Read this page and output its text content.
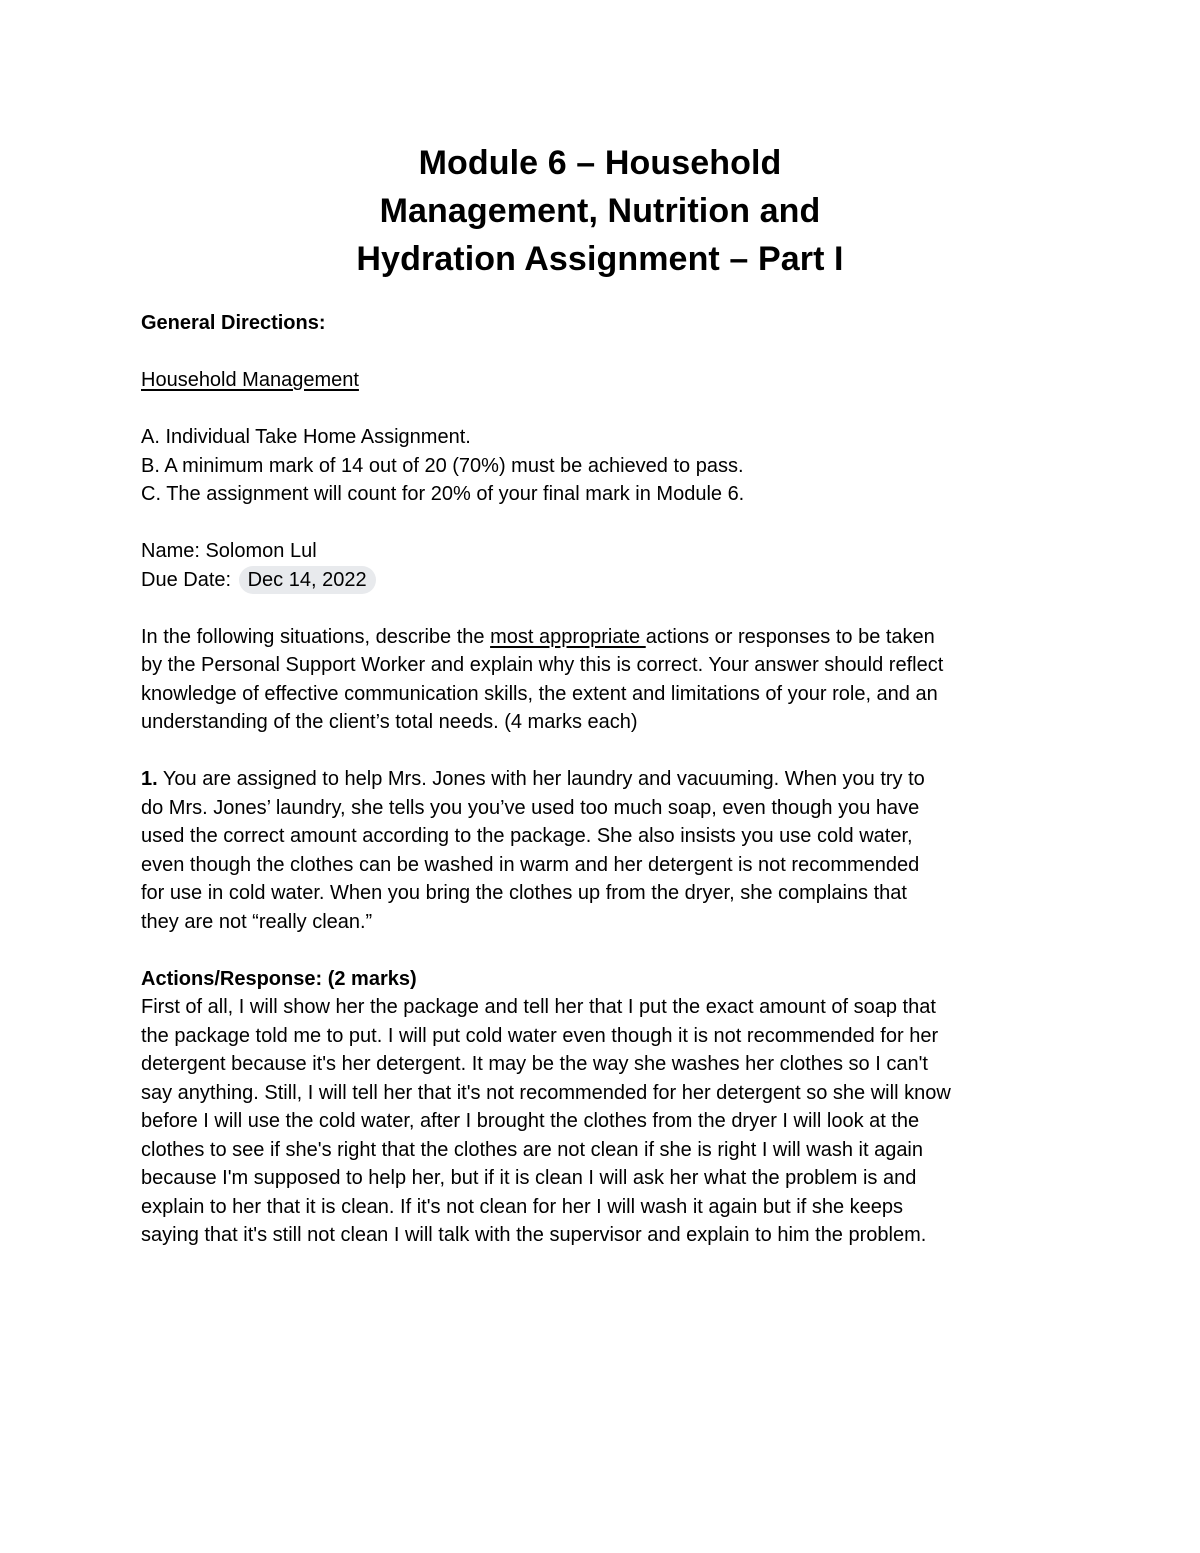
Module 6 – Household
Management, Nutrition and
Hydration Assignment – Part I

General Directions:

Household Management

A. Individual Take Home Assignment.

B. A minimum mark of 14 out of 20 (70%) must be achieved to pass.

C. The assignment will count for 20% of your final mark in Module 6.

Name: Solomon Lul

Due Date: Dec 14, 2022

In the following situations, describe the most appropriate actions or responses to be taken
by the Personal Support Worker and explain why this is correct. Your answer should reflect
knowledge of effective communication skills, the extent and limitations of your role, and an
understanding of the client’s total needs. (4 marks each)

1. You are assigned to help Mrs. Jones with her laundry and vacuuming. When you try to
do Mrs. Jones’ laundry, she tells you you’ve used too much soap, even though you have
used the correct amount according to the package. She also insists you use cold water,
even though the clothes can be washed in warm and her detergent is not recommended
for use in cold water. When you bring the clothes up from the dryer, she complains that
they are not “really clean.”

Actions/Response: (2 marks)

First of all, I will show her the package and tell her that I put the exact amount of soap that
the package told me to put. I will put cold water even though it is not recommended for her
detergent because it's her detergent. It may be the way she washes her clothes so I can't
say anything. Still, I will tell her that it's not recommended for her detergent so she will know
before I will use the cold water, after I brought the clothes from the dryer I will look at the
clothes to see if she's right that the clothes are not clean if she is right I will wash it again
because I'm supposed to help her, but if it is clean I will ask her what the problem is and
explain to her that it is clean. If it's not clean for her I will wash it again but if she keeps
saying that it's still not clean I will talk with the supervisor and explain to him the problem.
